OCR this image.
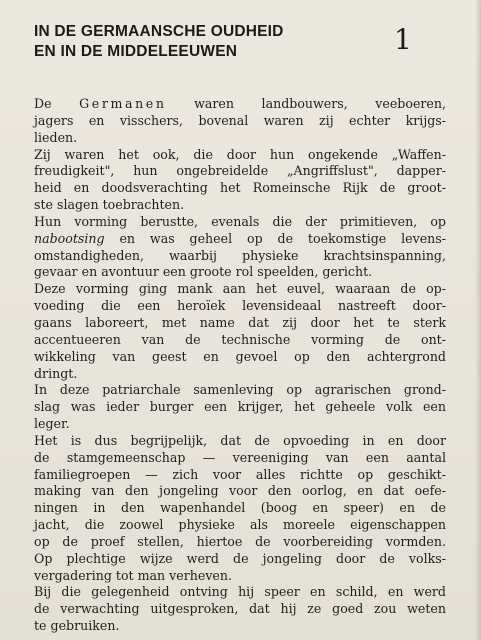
IN DE GERMAANSCHE OUDHEID
EN IN DE MIDDELEEUWEN	1

De Germanen waren landbouwers, veeboeren,
jagers en visschers, bovenal waren zij echter krijgs-
lieden.

Zij waren het ook, die door hun ongekende „Waffen-
freudigkeit", hun ongebreidelde „Angriffslust", dapper-
heid en doodsverachting het Romeinsche Rijk de groot-
ste slagen toebrachten.

Hun vorming berustte, evenals die der primitieven, op
nabootsing en was geheel op de toekomstige levens-
omstandigheden, waarbij physieke krachtsinspanning,
gevaar en avontuur een groote rol speelden, gericht.

Deze vorming ging mank aan het euvel, waaraan de op-
voeding die een heroïek levensideaal nastreeft door-
gaans laboreert, met name dat zij door het te sterk
accentueeren van de technische vorming de ont-
wikkeling van geest en gevoel op den achtergrond
dringt.

In deze patriarchale samenleving op agrarischen grond-
slag was ieder burger een krijger, het geheele volk een
leger.

Het is dus begrijpelijk, dat de opvoeding in en door
de stamgemeenschap — vereeniging van een aantal
familiegroepen — zich voor alles richtte op geschikt-
making van den jongeling voor den oorlog, en dat oefe-
ningen in den wapenhandel (boog en speer) en de
jacht, die zoowel physieke als moreele eigenschappen
op de proef stellen, hiertoe de voorbereiding vormden.
Op plechtige wijze werd de jongeling door de volks-
vergadering tot man verheven.

Bij die gelegenheid ontving hij speer en schild, en werd
de verwachting uitgesproken, dat hij ze goed zou weten
te gebruiken.
